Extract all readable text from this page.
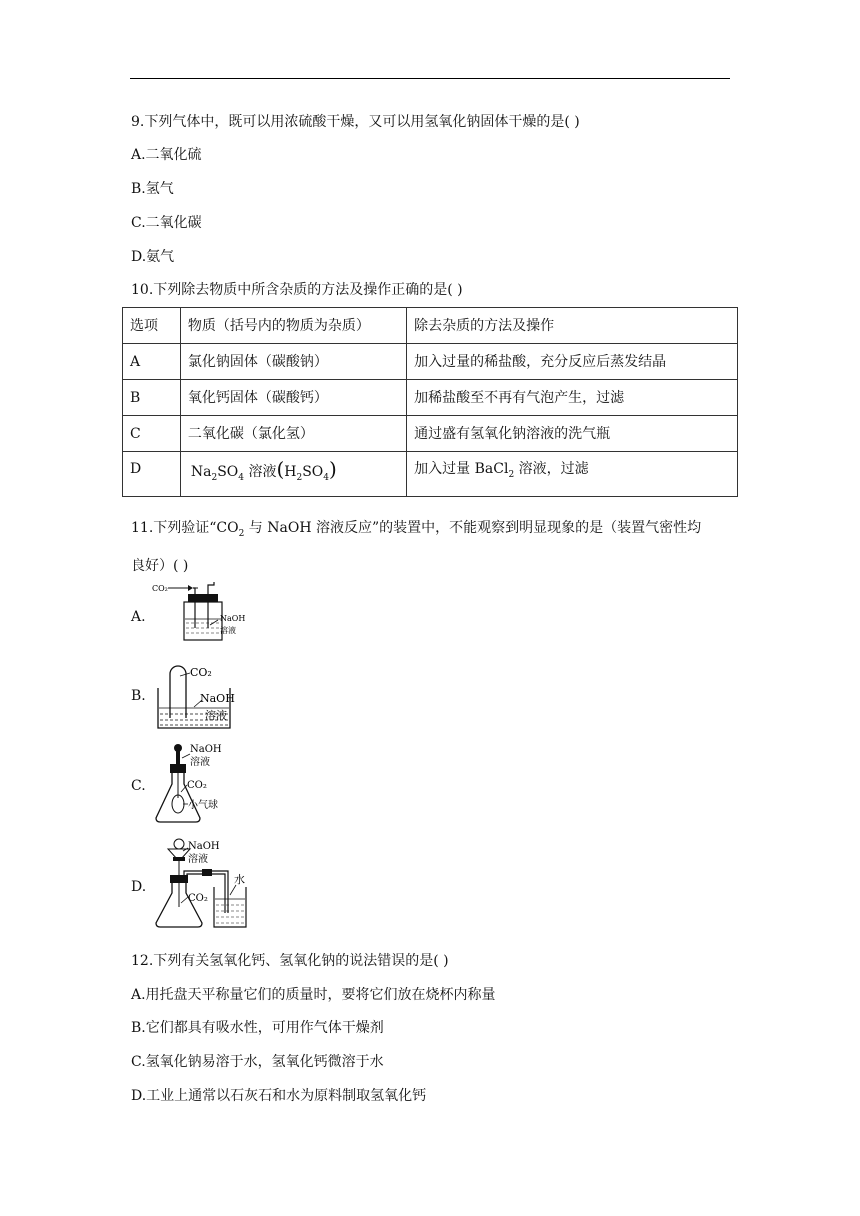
9.下列气体中，既可以用浓硫酸干燥，又可以用氢氧化钠固体干燥的是( )
A.二氧化硫
B.氢气
C.二氧化碳
D.氨气
10.下列除去物质中所含杂质的方法及操作正确的是( )
选项	物质（括号内的物质为杂质）	除去杂质的方法及操作
A	氯化钠固体（碳酸钠）	加入过量的稀盐酸，充分反应后蒸发结晶
B	氧化钙固体（碳酸钙）	加稀盐酸至不再有气泡产生，过滤
C	二氧化碳（氯化氢）	通过盛有氢氧化钠溶液的洗气瓶
D	$Na_2SO_4$ 溶液$(H_2SO_4)$	加入过量 BaCl$_2$ 溶液，过滤
11.下列验证“$CO_2$ 与 NaOH 溶液反应”的装置中，不能观察到明显现象的是（装置气密性均
良好）( )
A.
B.
C.
D.
CO₂
NaOH
溶液
CO₂
NaOH
溶液
NaOH
溶液
CO₂
小气球
水
NaOH
溶液
CO₂
12.下列有关氢氧化钙、氢氧化钠的说法错误的是( )
A.用托盘天平称量它们的质量时，要将它们放在烧杯内称量
B.它们都具有吸水性，可用作气体干燥剂
C.氢氧化钠易溶于水，氢氧化钙微溶于水
D.工业上通常以石灰石和水为原料制取氢氧化钙
